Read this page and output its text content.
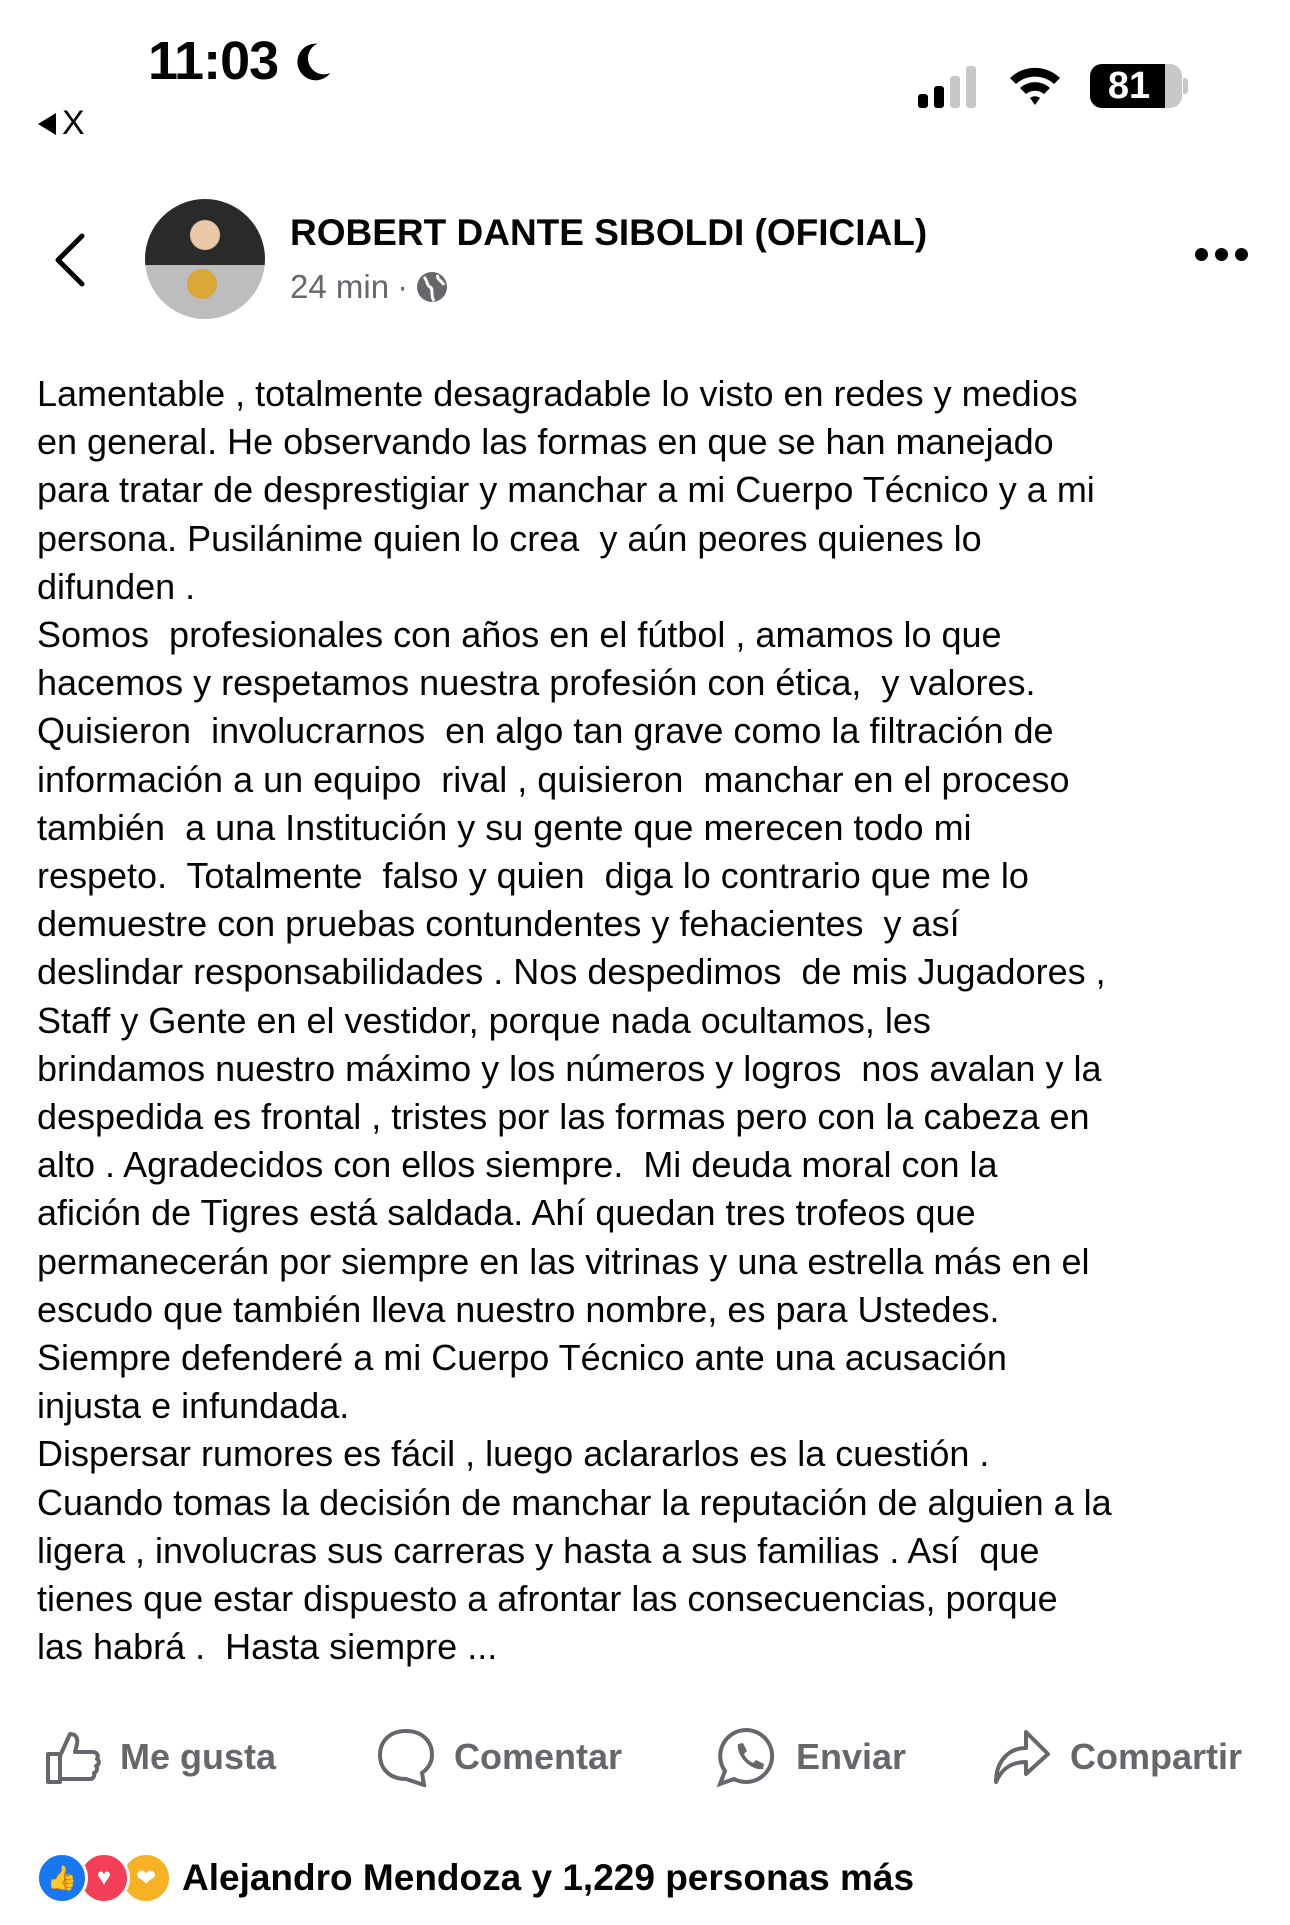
11:03
X
81
ROBERT DANTE SIBOLDI (OFICIAL)
24 min ·
Lamentable , totalmente desagradable lo visto en redes y medios
en general. He observando las formas en que se han manejado
para tratar de desprestigiar y manchar a mi Cuerpo Técnico y a mi
persona. Pusilánime quien lo crea  y aún peores quienes lo
difunden .
Somos  profesionales con años en el fútbol , amamos lo que
hacemos y respetamos nuestra profesión con ética,  y valores.
Quisieron  involucrarnos  en algo tan grave como la filtración de
información a un equipo  rival , quisieron  manchar en el proceso
también  a una Institución y su gente que merecen todo mi
respeto.  Totalmente  falso y quien  diga lo contrario que me lo
demuestre con pruebas contundentes y fehacientes  y así
deslindar responsabilidades . Nos despedimos  de mis Jugadores ,
Staff y Gente en el vestidor, porque nada ocultamos, les
brindamos nuestro máximo y los números y logros  nos avalan y la
despedida es frontal , tristes por las formas pero con la cabeza en
alto . Agradecidos con ellos siempre.  Mi deuda moral con la
afición de Tigres está saldada. Ahí quedan tres trofeos que
permanecerán por siempre en las vitrinas y una estrella más en el
escudo que también lleva nuestro nombre, es para Ustedes.
Siempre defenderé a mi Cuerpo Técnico ante una acusación
injusta e infundada.
Dispersar rumores es fácil , luego aclararlos es la cuestión .
Cuando tomas la decisión de manchar la reputación de alguien a la
ligera , involucras sus carreras y hasta a sus familias . Así  que
tienes que estar dispuesto a afrontar las consecuencias, porque
las habrá .  Hasta siempre ...
Me gusta	Comentar	Enviar	Compartir
👍 ♥	❤ Alejandro Mendoza y 1,229 personas más
